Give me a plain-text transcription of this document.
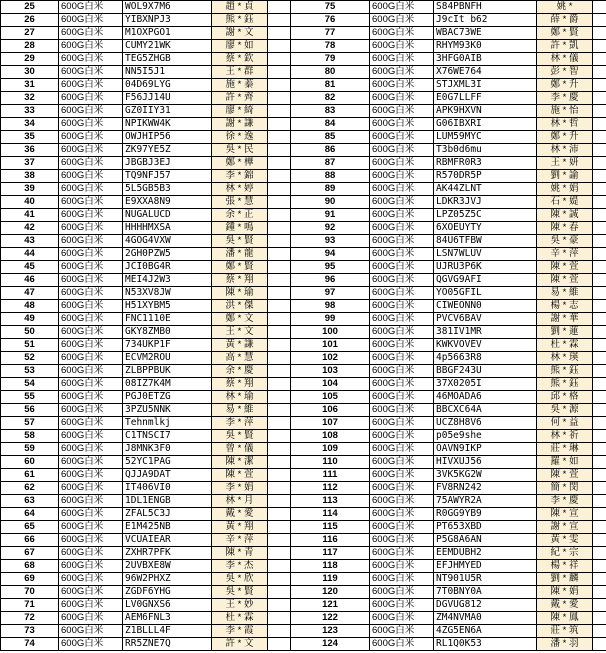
25	600G白米	WOL9X7M6	趙 * 貞		75	600G白米	S84PBNFH	姚 *	
26	600G白米	YIBXNPJ3	熊 * 鈺		76	600G白米	J9cIt b62	薛 * 爵	
27	600G白米	M1OXPGO1	謝 * 文		77	600G白米	WBAC73WE	鄭 * 賢	
28	600G白米	CUMY21WK	廖 * 如		78	600G白米	RHYM93K0	許 * 凱	
29	600G白米	TEG5ZHGB	蔡 * 欽		79	600G白米	3HFG0AIB	林 * 儀	
30	600G白米	NN5I5J1	王 * 群		80	600G白米	X76WE764	彭 * 智	
31	600G白米	04D69LYG	施 * 蓁		81	600G白米	STJXML3I	鄭 * 升	
32	600G白米	F56JJ14U	許 * 齊		82	600G白米	E0G7LLFF	李 * 慶	
33	600G白米	GZ0IIY31	廖 * 綺		83	600G白米	APK9HXVN	施 * 怡	
34	600G白米	NPIKWW4K	謝 * 謙		84	600G白米	G06IBXRI	林 * 哲	
35	600G白米	OWJHIP56	徐 * 逸		85	600G白米	LUM59MYC	鄭 * 升	
36	600G白米	ZK97YE5Z	吳 * 民		86	600G白米	T3b0d6mu	林 * 沛	
37	600G白米	JBGBJ3EJ	鄭 * 樺		87	600G白米	RBMFR0R3	王 * 妍	
38	600G白米	TQ9NFJ57	李 * 錦		88	600G白米	R570DR5P	劉 * 諭	
39	600G白米	5L5GB5B3	林 * 婷		89	600G白米	AK44ZLNT	姚 * 娟	
40	600G白米	E9XXA8N9	張 * 慧		90	600G白米	LDKR3JVJ	石 * 媞	
41	600G白米	NUGALUCD	余 * 正		91	600G白米	LPZ05Z5C	陳 * 誠	
42	600G白米	HHHHMXSA	鍾 * 鳴		92	600G白米	6XOEUYTY	陳 * 春	
43	600G白米	4GOG4VXW	吳 * 賢		93	600G白米	84U6TFBW	吳 * 豪	
44	600G白米	2GH0PZW5	潘 * 龍		94	600G白米	LSN7WLUV	辛 * 萍	
45	600G白米	JCI0BG4R	鄭 * 賢		95	600G白米	UJRU3P6K	陳 * 萱	
46	600G白米	MEI4J2W3	蔡 * 翔		96	600G白米	QGVG9AFI	陳 * 萱	
47	600G白米	N53XV8JW	陳 * 瑜		97	600G白米	YO05GFIL	易 * 維	
48	600G白米	H51XYBM5	洪 * 傑		98	600G白米	CIWEONN0	楊 * 志	
49	600G白米	FNC1110E	鄭 * 文		99	600G白米	PVCV6BAV	謝 * 華	
50	600G白米	GKY8ZMB0	王 * 文		100	600G白米	381IV1MR	劉 * 蓮	
51	600G白米	734UKP1F	黃 * 謙		101	600G白米	KWKVOVEV	杜 * 霖	
52	600G白米	ECVM2ROU	高 * 慧		102	600G白米	4p5663R8	林 * 瑛	
53	600G白米	ZLBPPBUK	余 * 慶		103	600G白米	BBGF243U	熊 * 鈺	
54	600G白米	08IZ7K4M	蔡 * 翔		104	600G白米	37X0205I	熊 * 鈺	
55	600G白米	PGJ0ETZG	林 * 瑜		105	600G白米	46MOADA6	邱 * 格	
56	600G白米	3PZU5NNK	易 * 維		106	600G白米	BBCXC64A	吳 * 源	
57	600G白米	Tehnmlkj	李 * 萍		107	600G白米	UCZ8H8V6	何 * 益	
58	600G白米	C1TNSCI7	吳 * 賢		108	600G白米	p05e9she	林 * 祈	
59	600G白米	J8MNK3F0	曾 * 儀		109	600G白米	OAVN9IKP	莊 * 琳	
60	600G白米	52YC1PAG	陳 * 潔		110	600G白米	HIVXUJ56	羅 * 如	
61	600G白米	QJJA9DAT	陳 * 萱		111	600G白米	3VK5KG2W	陳 * 萱	
62	600G白米	IT406VI0	李 * 娟		112	600G白米	FV8RN242	簡 * 閔	
63	600G白米	1DL1ENGB	林 * 月		113	600G白米	75AWYR2A	李 * 慶	
64	600G白米	ZFAL5C3J	戴 * 愛		114	600G白米	R0GG9YB9	陳 * 宣	
65	600G白米	E1M425NB	黃 * 翔		115	600G白米	PT653XBD	謝 * 宣	
66	600G白米	VCUAIEAR	辛 * 萍		116	600G白米	P5G8A6AN	黃 * 雯	
67	600G白米	ZXHR7PFK	陳 * 青		117	600G白米	EEMDUBH2	紀 * 宗	
68	600G白米	2UVBXE8W	李 * 杰		118	600G白米	EFJHMYED	楊 * 祥	
69	600G白米	96W2PHXZ	吳 * 欣		119	600G白米	NT901U5R	劉 * 麟	
70	600G白米	ZGDF6YHG	吳 * 賢		120	600G白米	7T0BNY0A	陳 * 娟	
71	600G白米	LV0GNXS6	王 * 妙		121	600G白米	DGVUG812	戴 * 愛	
72	600G白米	AEM6FNL3	杜 * 霖		122	600G白米	ZM4NVMA0	陳 * 鳳	
73	600G白米	Z1BLLL4F	李 * 霞		123	600G白米	4ZG5EN6A	莊 * 筑	
74	600G白米	RR5ZNE7Q	許 * 文		124	600G白米	RL1Q0K53	潘 * 羽	
